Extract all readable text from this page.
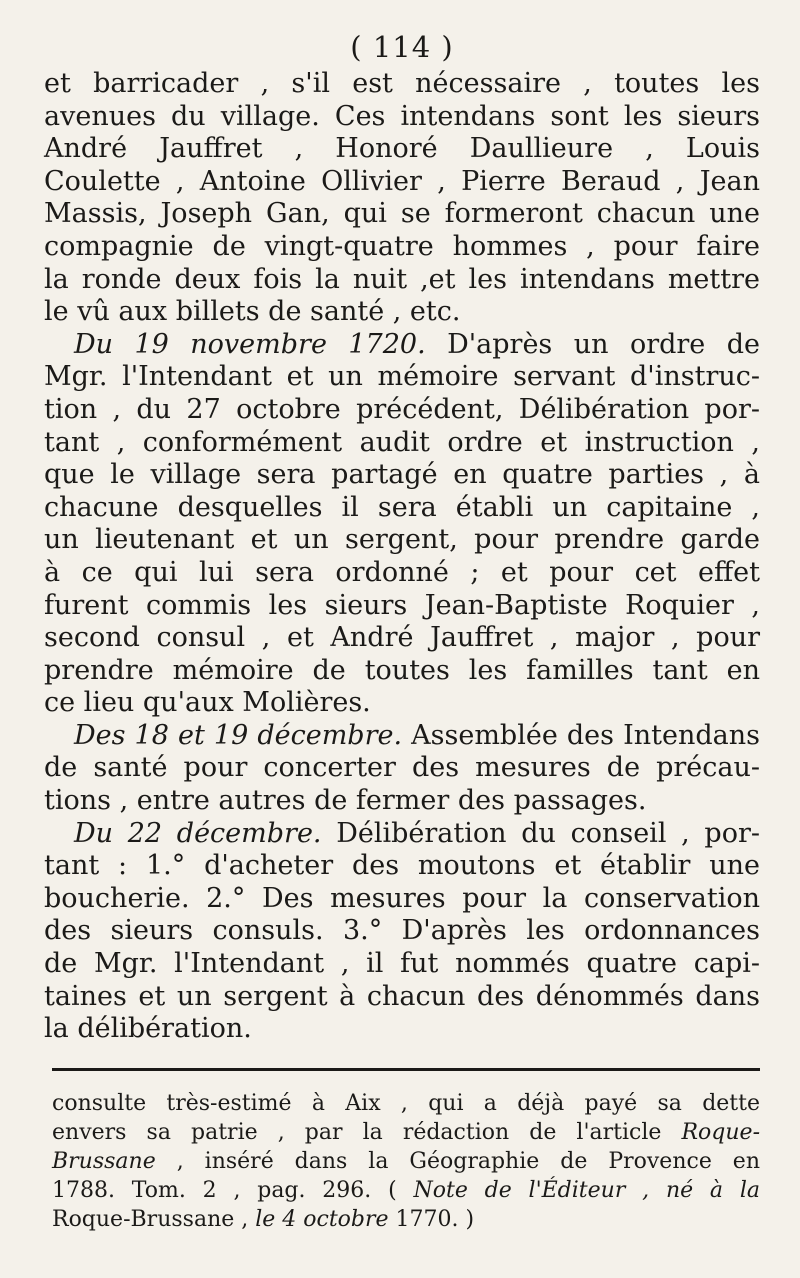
( 114 )
et barricader , s'il est nécessaire , toutes les
avenues du village. Ces intendans sont les sieurs
André Jauffret , Honoré Daullieure , Louis
Coulette , Antoine Ollivier , Pierre Beraud , Jean
Massis, Joseph Gan, qui se formeront chacun une
compagnie de vingt-quatre hommes , pour faire
la ronde deux fois la nuit ,et les intendans mettre
le vû aux billets de santé , etc.
Du 19 novembre 1720. D'après un ordre de
Mgr. l'Intendant et un mémoire servant d'instruc-
tion , du 27 octobre précédent, Délibération por-
tant , conformément audit ordre et instruction ,
que le village sera partagé en quatre parties , à
chacune desquelles il sera établi un capitaine ,
un lieutenant et un sergent, pour prendre garde
à ce qui lui sera ordonné ; et pour cet effet
furent commis les sieurs Jean-Baptiste Roquier ,
second consul , et André Jauffret , major , pour
prendre mémoire de toutes les familles tant en
ce lieu qu'aux Molières.
Des 18 et 19 décembre. Assemblée des Intendans
de santé pour concerter des mesures de précau-
tions , entre autres de fermer des passages.
Du 22 décembre. Délibération du conseil , por-
tant : 1.° d'acheter des moutons et établir une
boucherie. 2.° Des mesures pour la conservation
des sieurs consuls. 3.° D'après les ordonnances
de Mgr. l'Intendant , il fut nommés quatre capi-
taines et un sergent à chacun des dénommés dans
la délibération.
consulte très-estimé à Aix , qui a déjà payé sa dette
envers sa patrie , par la rédaction de l'article Roque-
Brussane , inséré dans la Géographie de Provence en
1788. Tom. 2 , pag. 296. ( Note de l'Éditeur , né à la
Roque-Brussane , le 4 octobre 1770. )
